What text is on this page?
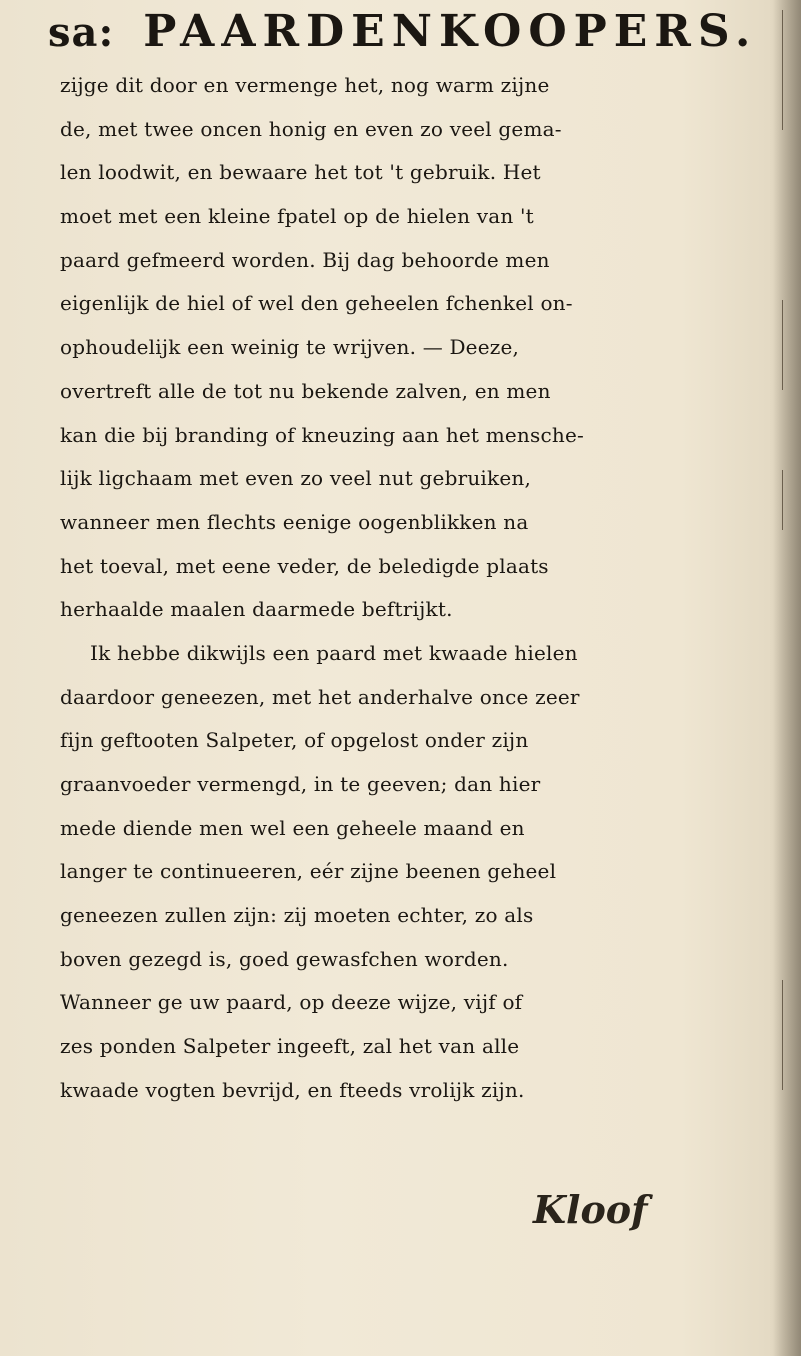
sa: PAARDENKOOPERS.
zijge dit door en vermenge het, nog warm zijne
de, met twee oncen honig en even zo veel gema-
len loodwit, en bewaare het tot 't gebruik. Het
moet met een kleine fpatel op de hielen van 't
paard gefmeerd worden. Bij dag behoorde men
eigenlijk de hiel of wel den geheelen fchenkel on-
ophoudelijk een weinig te wrijven. — Deeze,
overtreft alle de tot nu bekende zalven, en men
kan die bij branding of kneuzing aan het mensche-
lijk ligchaam met even zo veel nut gebruiken,
wanneer men flechts eenige oogenblikken na
het toeval, met eene veder, de beledigde plaats
herhaalde maalen daarmede beftrijkt.
Ik hebbe dikwijls een paard met kwaade hielen
daardoor geneezen, met het anderhalve once zeer
fijn geftooten Salpeter, of opgelost onder zijn
graanvoeder vermengd, in te geeven; dan hier
mede diende men wel een geheele maand en
langer te continueeren, eér zijne beenen geheel
geneezen zullen zijn: zij moeten echter, zo als
boven gezegd is, goed gewasfchen worden.
Wanneer ge uw paard, op deeze wijze, vijf of
zes ponden Salpeter ingeeft, zal het van alle
kwaade vogten bevrijd, en fteeds vrolijk zijn.
Kloof
